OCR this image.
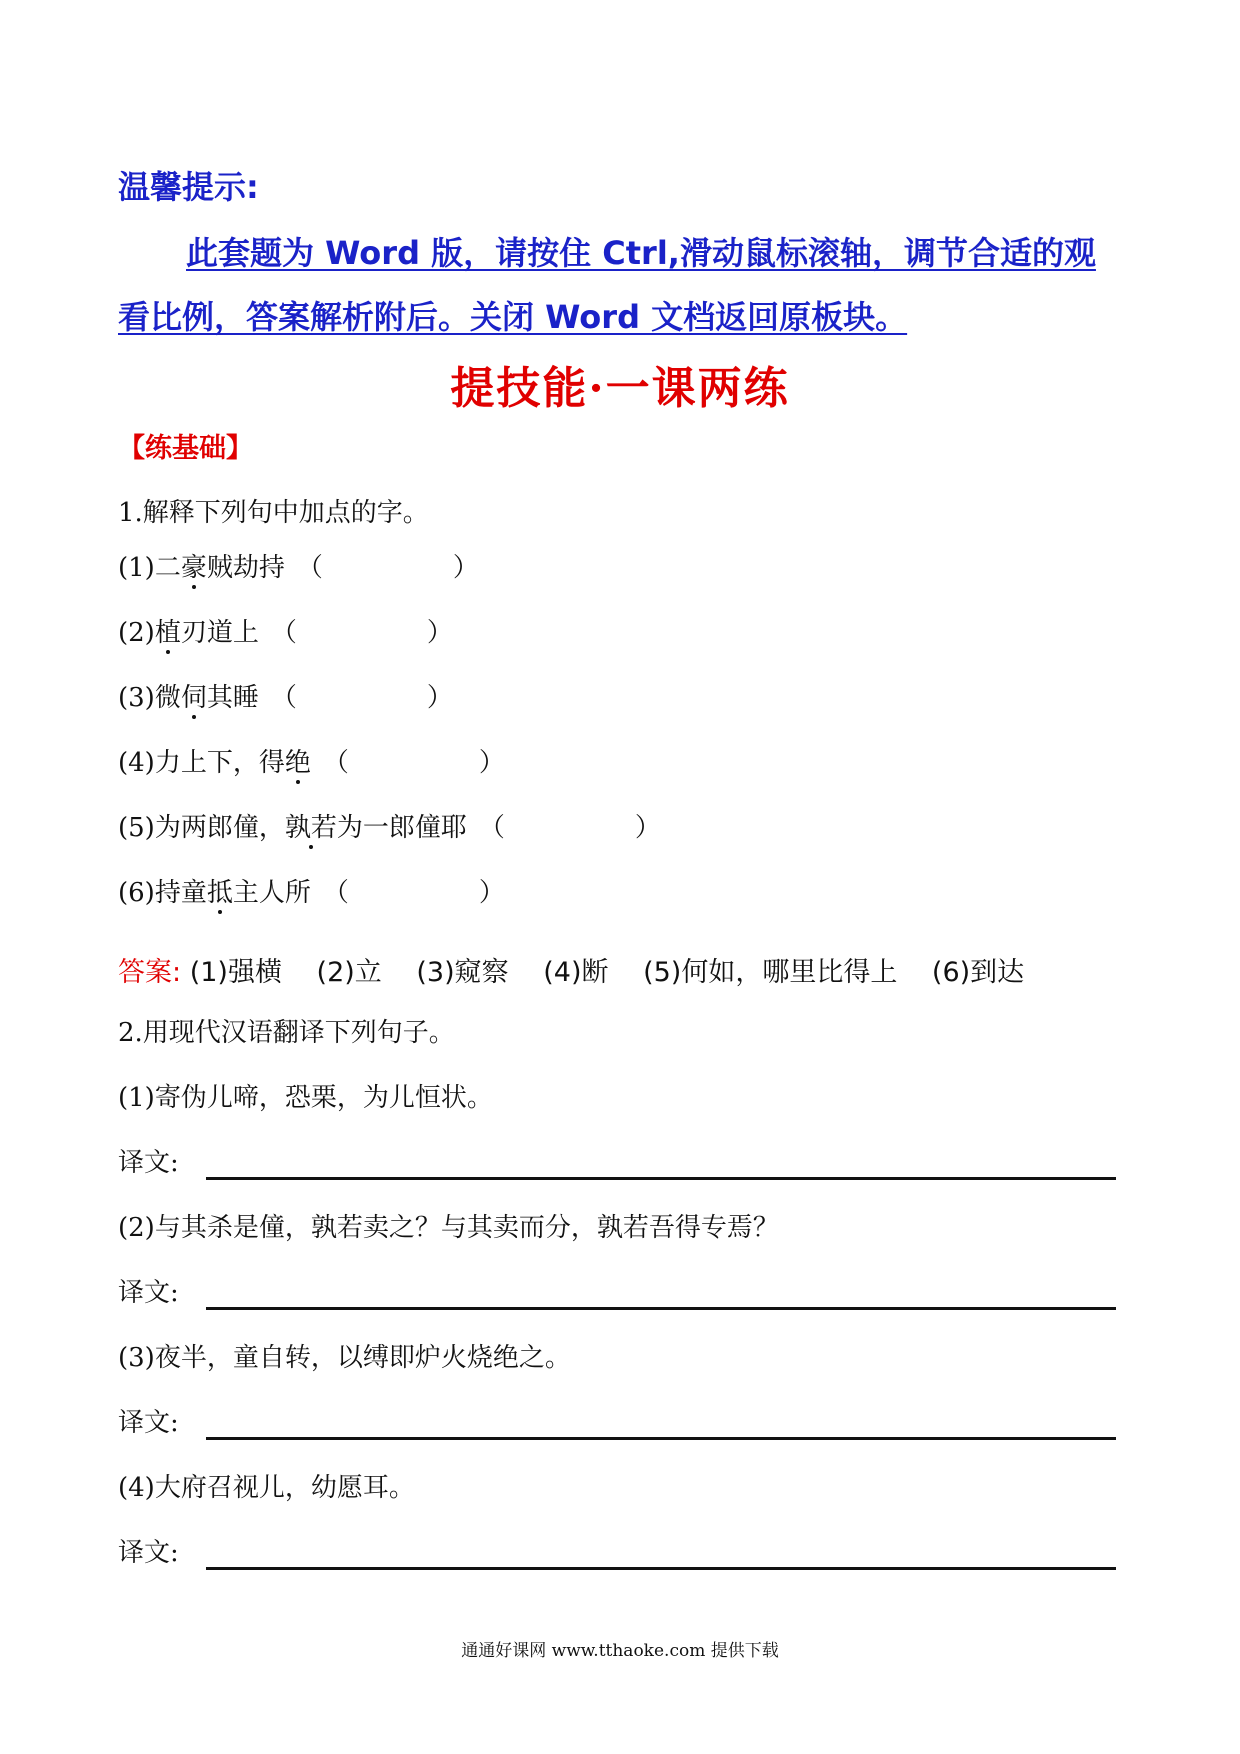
温馨提示:
此套题为 Word 版，请按住 Ctrl,滑动鼠标滚轴，调节合适的观
看比例，答案解析附后。关闭 Word 文档返回原板块。
提技能·一课两练
【练基础】
1.解释下列句中加点的字。
(1)二豪贼劫持 （　　　　　）
(2)植刃道上 （　　　　　）
(3)微伺其睡 （　　　　　）
(4)力上下，得绝 （　　　　　）
(5)为两郎僮，孰若为一郎僮耶 （　　　　　）
(6)持童抵主人所 （　　　　　）
答案: (1)强横 (2)立 (3)窥察 (4)断 (5)何如，哪里比得上 (6)到达
2.用现代汉语翻译下列句子。
(1)寄伪儿啼，恐栗，为儿恒状。
译文:
(2)与其杀是僮，孰若卖之？与其卖而分，孰若吾得专焉？
译文:
(3)夜半，童自转，以缚即炉火烧绝之。
译文:
(4)大府召视儿，幼愿耳。
译文:
通通好课网 www.tthaoke.com 提供下载
